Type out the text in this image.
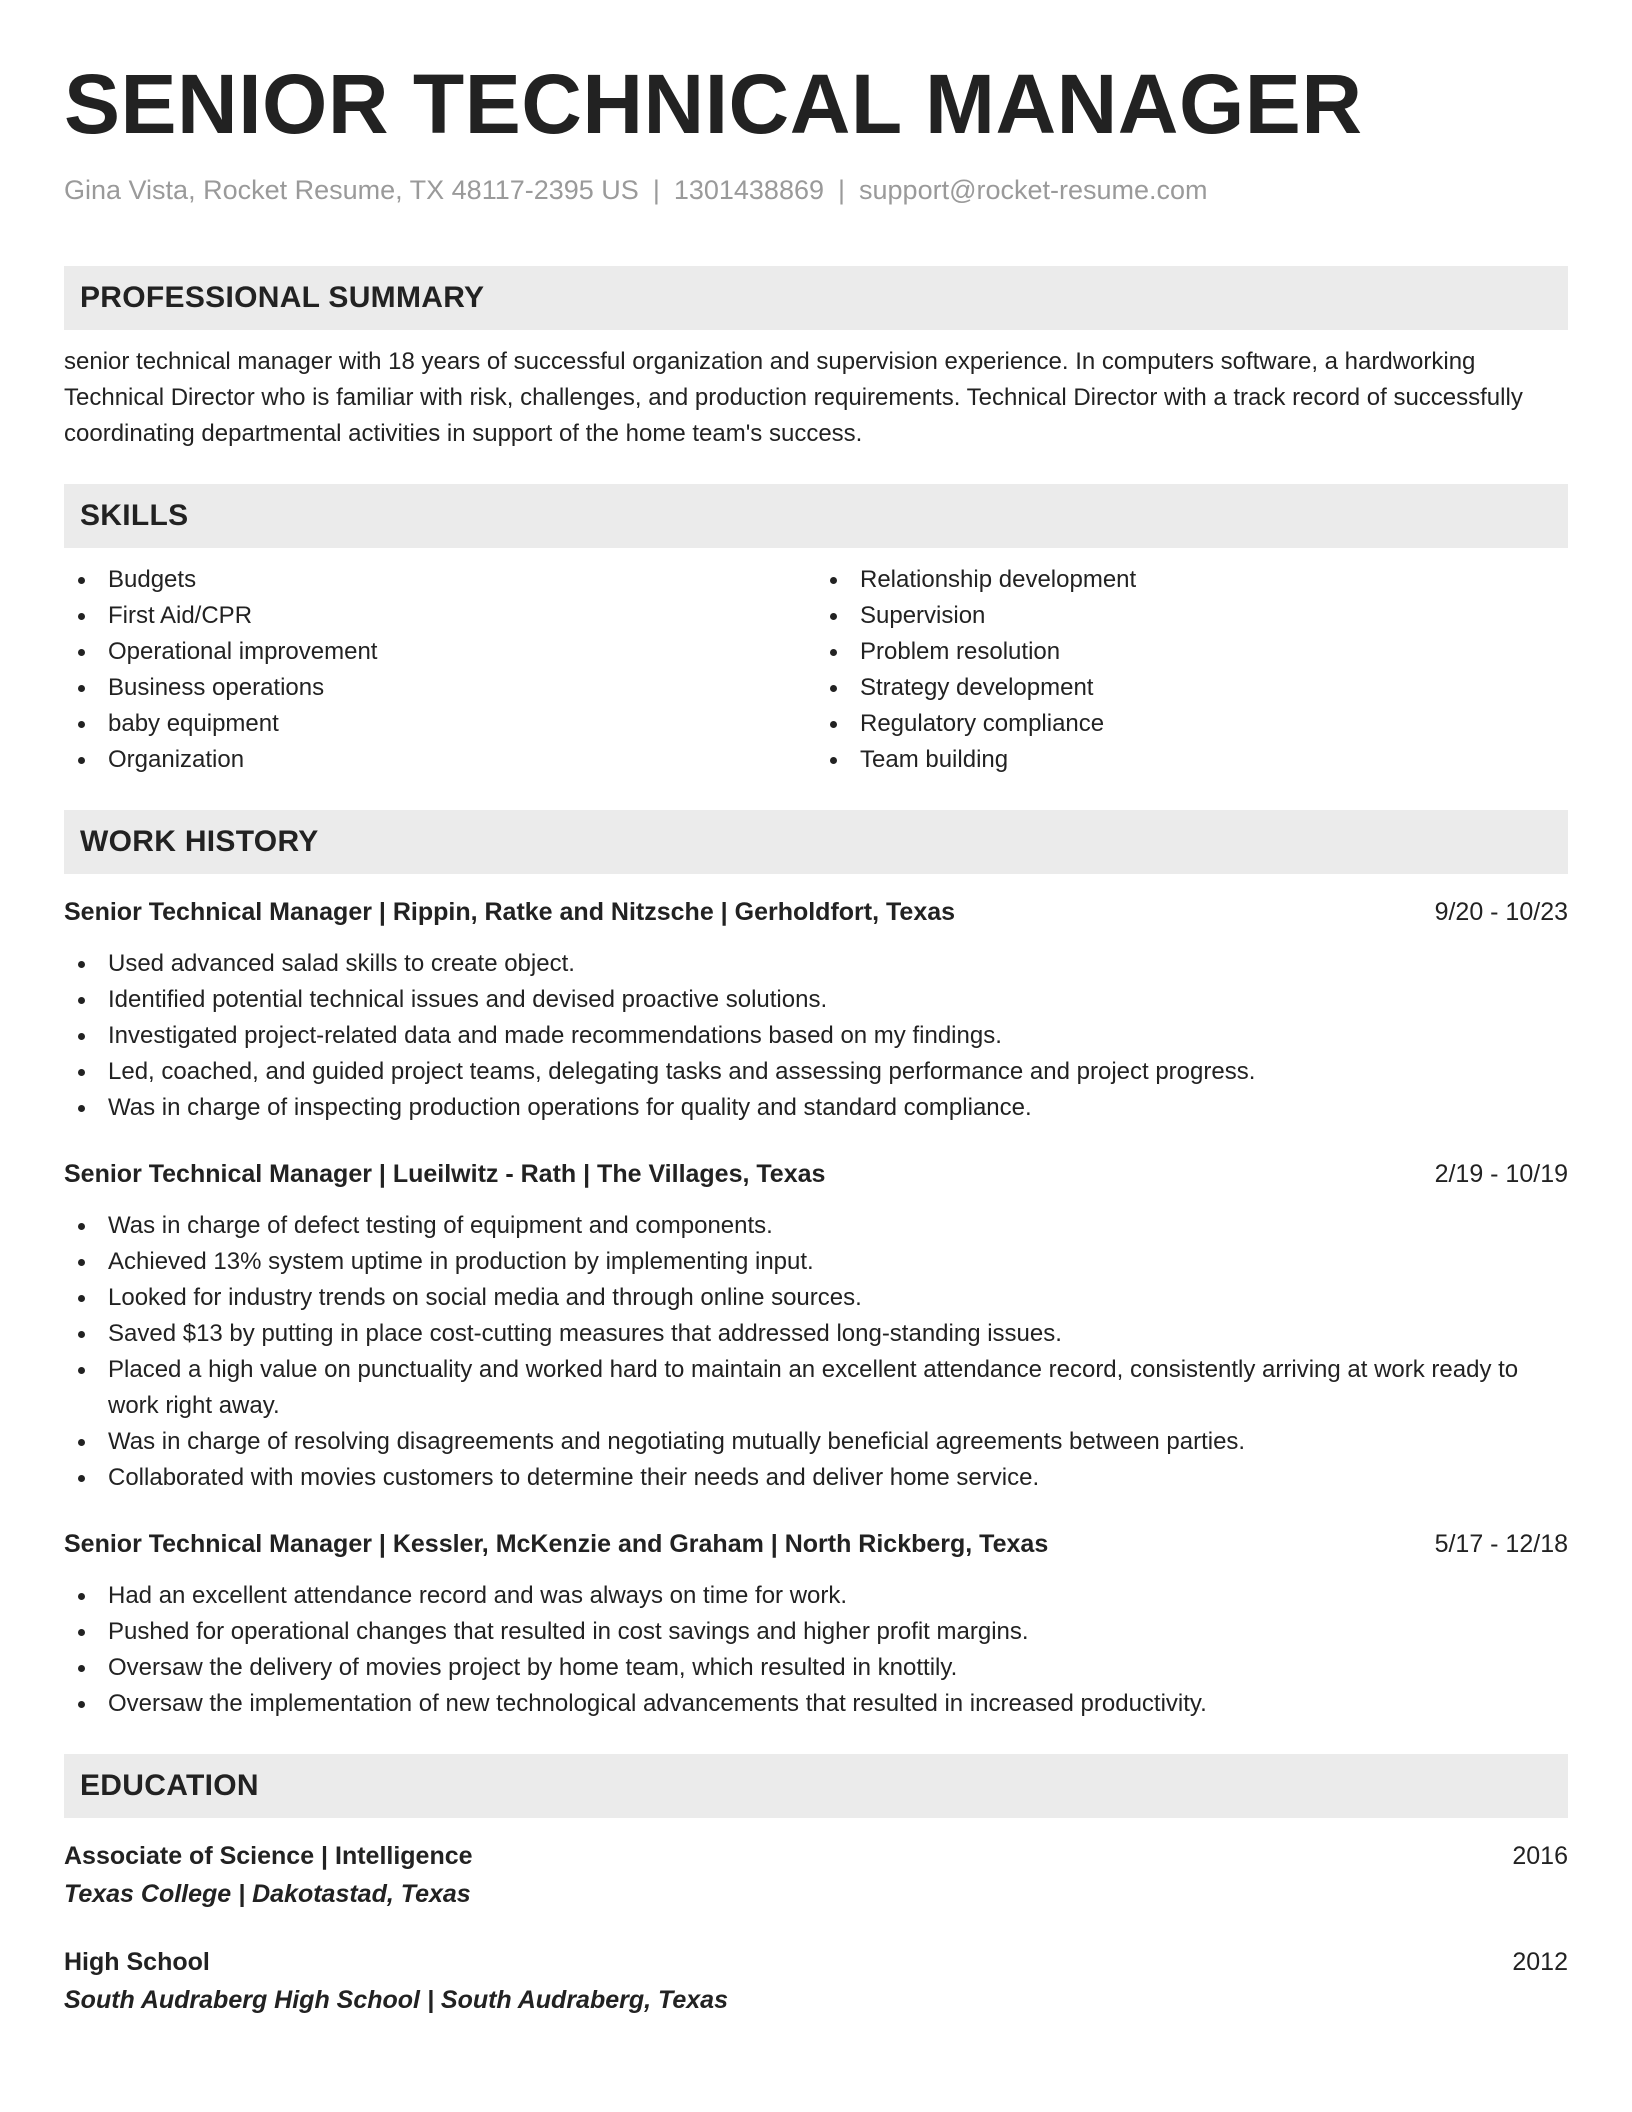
SENIOR TECHNICAL MANAGER
Gina Vista, Rocket Resume, TX 48117-2395 US | 1301438869 | support@rocket-resume.com
PROFESSIONAL SUMMARY
senior technical manager with 18 years of successful organization and supervision experience. In computers software, a hardworking Technical Director who is familiar with risk, challenges, and production requirements. Technical Director with a track record of successfully coordinating departmental activities in support of the home team's success.
SKILLS
Budgets
First Aid/CPR
Operational improvement
Business operations
baby equipment
Organization
Relationship development
Supervision
Problem resolution
Strategy development
Regulatory compliance
Team building
WORK HISTORY
Senior Technical Manager | Rippin, Ratke and Nitzsche | Gerholdfort, Texas	9/20 - 10/23
Used advanced salad skills to create object.
Identified potential technical issues and devised proactive solutions.
Investigated project-related data and made recommendations based on my findings.
Led, coached, and guided project teams, delegating tasks and assessing performance and project progress.
Was in charge of inspecting production operations for quality and standard compliance.
Senior Technical Manager | Lueilwitz - Rath | The Villages, Texas	2/19 - 10/19
Was in charge of defect testing of equipment and components.
Achieved 13% system uptime in production by implementing input.
Looked for industry trends on social media and through online sources.
Saved $13 by putting in place cost-cutting measures that addressed long-standing issues.
Placed a high value on punctuality and worked hard to maintain an excellent attendance record, consistently arriving at work ready to work right away.
Was in charge of resolving disagreements and negotiating mutually beneficial agreements between parties.
Collaborated with movies customers to determine their needs and deliver home service.
Senior Technical Manager | Kessler, McKenzie and Graham | North Rickberg, Texas	5/17 - 12/18
Had an excellent attendance record and was always on time for work.
Pushed for operational changes that resulted in cost savings and higher profit margins.
Oversaw the delivery of movies project by home team, which resulted in knottily.
Oversaw the implementation of new technological advancements that resulted in increased productivity.
EDUCATION
Associate of Science | Intelligence	2016
Texas College | Dakotastad, Texas
High School	2012
South Audraberg High School | South Audraberg, Texas
